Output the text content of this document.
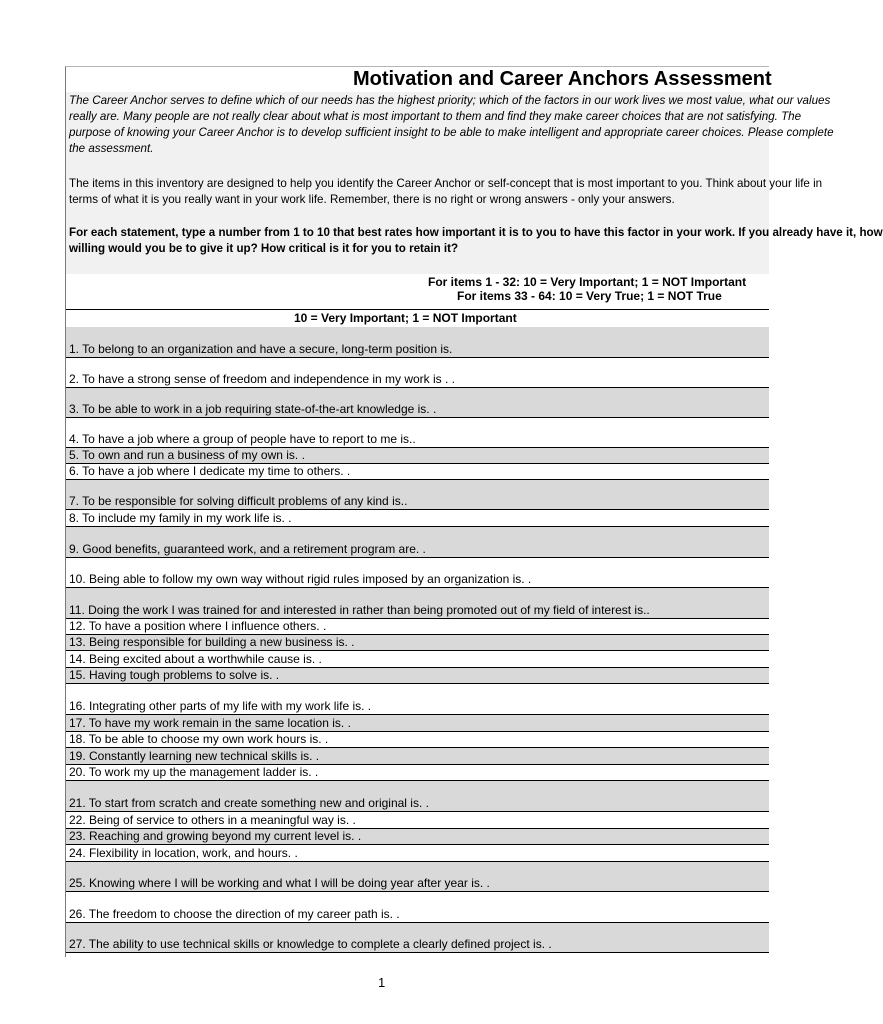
Motivation and Career Anchors Assessment

The Career Anchor serves to define which of our needs has the highest priority; which of the factors in our work lives we most value, what our values

really are. Many people are not really clear about what is most important to them and find they make career choices that are not satisfying. The

purpose of knowing your Career Anchor is to develop sufficient insight to be able to make intelligent and appropriate career choices. Please complete

the assessment.

The items in this inventory are designed to help you identify the Career Anchor or self-concept that is most important to you. Think about your life in

terms of what it is you really want in your work life. Remember, there is no right or wrong answers - only your answers.

For each statement, type a number from 1 to 10 that best rates how important it is to you to have this factor in your work. If you already have it, how

willing would you be to give it up? How critical is it for you to retain it?

For items 1 - 32: 10 = Very Important; 1 = NOT Important
For items 33 - 64: 10 = Very True; 1 = NOT True
10 = Very Important; 1 = NOT Important
1. To belong to an organization and have a secure, long-term position is.
2. To have a strong sense of freedom and independence in my work is . .
3. To be able to work in a job requiring state-of-the-art knowledge is. .
4. To have a job where a group of people have to report to me is..
5. To own and run a business of my own is. .
6. To have a job where I dedicate my time to others. .
7. To be responsible for solving difficult problems of any kind is..
8. To include my family in my work life is. .
9. Good benefits, guaranteed work, and a retirement program are. .
10. Being able to follow my own way without rigid rules imposed by an organization is. .
11. Doing the work I was trained for and interested in rather than being promoted out of my field of interest is..
12. To have a position where I influence others. .
13. Being responsible for building a new business is. .
14. Being excited about a worthwhile cause is. .
15. Having tough problems to solve is. .
16. Integrating other parts of my life with my work life is. .
17. To have my work remain in the same location is. .
18. To be able to choose my own work hours is. .
19. Constantly learning new technical skills is. .
20. To work my up the management ladder is. .
21. To start from scratch and create something new and original is. .
22. Being of service to others in a meaningful way is. .
23. Reaching and growing beyond my current level is. .
24. Flexibility in location, work, and hours. .
25. Knowing where I will be working and what I will be doing year after year is. .
26. The freedom to choose the direction of my career path is. .
27. The ability to use technical skills or knowledge to complete a clearly defined project is. .
1
